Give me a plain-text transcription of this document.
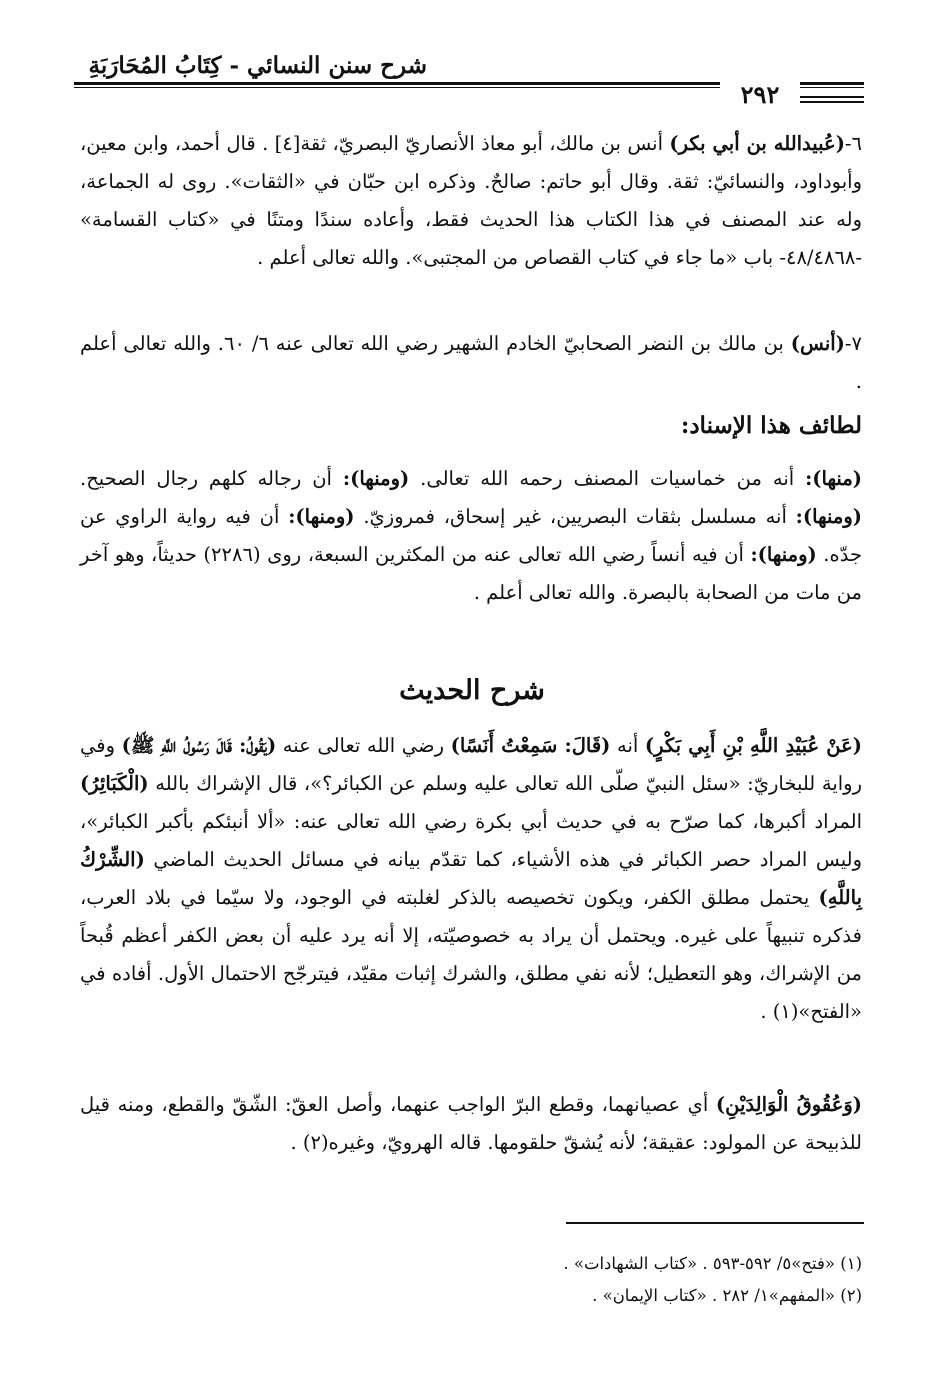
شرح سنن النسائي - كِتَابُ المُحَارَبَةِ
٢٩٢
٦-(عُبيدالله بن أبي بكر) أنس بن مالك، أبو معاذ الأنصاريّ البصريّ، ثقة[٤] . قال أحمد، وابن معين، وأبوداود، والنسائيّ: ثقة. وقال أبو حاتم: صالحٌ. وذكره ابن حبّان في «الثقات». روى له الجماعة، وله عند المصنف في هذا الكتاب هذا الحديث فقط، وأعاده سندًا ومتنًا في «كتاب القسامة» -٤٨/٤٨٦٨- باب «ما جاء في كتاب القصاص من المجتبى». والله تعالى أعلم .
٧-(أنس) بن مالك بن النضر الصحابيّ الخادم الشهير رضي الله تعالى عنه ٦/ ٦٠. والله تعالى أعلم .
لطائف هذا الإسناد:
(منها): أنه من خماسيات المصنف رحمه الله تعالى. (ومنها): أن رجاله كلهم رجال الصحيح. (ومنها): أنه مسلسل بثقات البصريين، غير إسحاق، فمروزيّ. (ومنها): أن فيه رواية الراوي عن جدّه. (ومنها): أن فيه أنساً رضي الله تعالى عنه من المكثرين السبعة، روى (٢٢٨٦) حديثاً، وهو آخر من مات من الصحابة بالبصرة. والله تعالى أعلم .
شرح الحديث
(عَنْ عُبَيْدِ اللَّهِ بْنِ أَبِي بَكْرٍ) أنه (قَالَ: سَمِعْتُ أَنَسًا) رضي الله تعالى عنه (يَقُولُ: قَالَ رَسُولُ اللَّهِ ﷺ) وفي رواية للبخاريّ: «سئل النبيّ صلّى الله تعالى عليه وسلم عن الكبائر؟»، قال الإشراك بالله (الْكَبَائِرُ) المراد أكبرها، كما صرّح به في حديث أبي بكرة رضي الله تعالى عنه: «ألا أنبئكم بأكبر الكبائر»، وليس المراد حصر الكبائر في هذه الأشياء، كما تقدّم بيانه في مسائل الحديث الماضي (الشِّرْكُ بِاللَّهِ) يحتمل مطلق الكفر، ويكون تخصيصه بالذكر لغلبته في الوجود، ولا سيّما في بلاد العرب، فذكره تنبيهاً على غيره. ويحتمل أن يراد به خصوصيّته، إلا أنه يرد عليه أن بعض الكفر أعظم قُبحاً من الإشراك، وهو التعطيل؛ لأنه نفي مطلق، والشرك إثبات مقيّد، فيترجّح الاحتمال الأول. أفاده في «الفتح»(١) .
(وَعُقُوقُ الْوَالِدَيْنِ) أي عصيانهما، وقطع البرّ الواجب عنهما، وأصل العقّ: الشّقّ والقطع، ومنه قيل للذبيحة عن المولود: عقيقة؛ لأنه يُشقّ حلقومها. قاله الهرويّ، وغيره(٢) .
(١) «فتح»٥/ ٥٩٢-٥٩٣ . «كتاب الشهادات» .
(٢) «المفهم»١/ ٢٨٢ . «كتاب الإيمان» .
